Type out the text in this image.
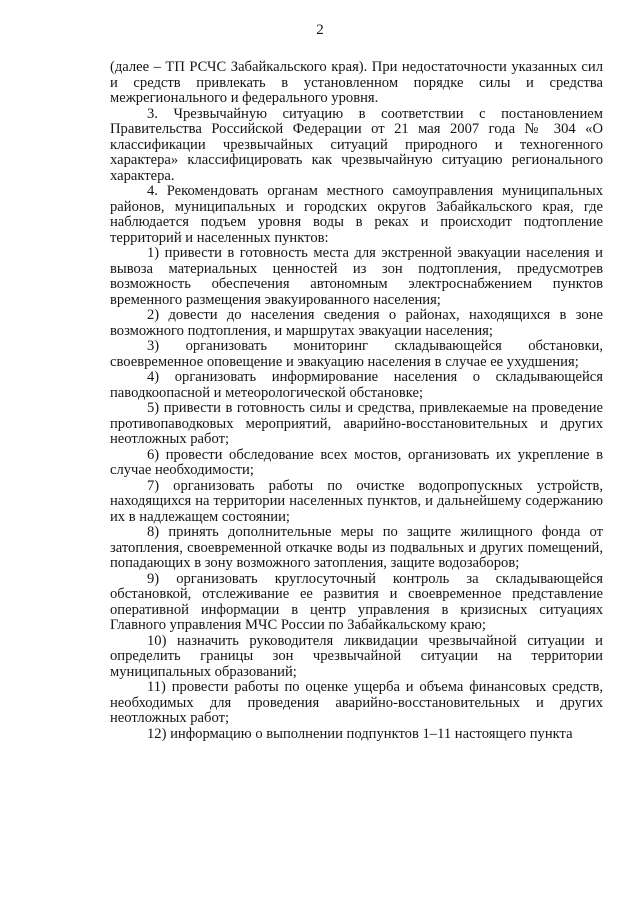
2

(далее – ТП РСЧС Забайкальского края). При недостаточности указанных сил и средств привлекать в установленном порядке силы и средства межрегионального и федерального уровня.

3. Чрезвычайную ситуацию в соответствии с постановлением Правительства Российской Федерации от 21 мая 2007 года № 304 «О классификации чрезвычайных ситуаций природного и техногенного характера» классифицировать как чрезвычайную ситуацию регионального характера.

4. Рекомендовать органам местного самоуправления муниципальных районов, муниципальных и городских округов Забайкальского края, где наблюдается подъем уровня воды в реках и происходит подтопление территорий и населенных пунктов:

1) привести в готовность места для экстренной эвакуации населения и вывоза материальных ценностей из зон подтопления, предусмотрев возможность обеспечения автономным электроснабжением пунктов временного размещения эвакуированного населения;

2) довести до населения сведения о районах, находящихся в зоне возможного подтопления, и маршрутах эвакуации населения;

3) организовать мониторинг складывающейся обстановки, своевременное оповещение и эвакуацию населения в случае ее ухудшения;

4) организовать информирование населения о складывающейся паводкоопасной и метеорологической обстановке;

5) привести в готовность силы и средства, привлекаемые на проведение противопаводковых мероприятий, аварийно-восстановительных и других неотложных работ;

6) провести обследование всех мостов, организовать их укрепление в случае необходимости;

7) организовать работы по очистке водопропускных устройств, находящихся на территории населенных пунктов, и дальнейшему содержанию их в надлежащем состоянии;

8) принять дополнительные меры по защите жилищного фонда от затопления, своевременной откачке воды из подвальных и других помещений, попадающих в зону возможного затопления, защите водозаборов;

9) организовать круглосуточный контроль за складывающейся обстановкой, отслеживание ее развития и своевременное представление оперативной информации в центр управления в кризисных ситуациях Главного управления МЧС России по Забайкальскому краю;

10) назначить руководителя ликвидации чрезвычайной ситуации и определить границы зон чрезвычайной ситуации на территории муниципальных образований;

11) провести работы по оценке ущерба и объема финансовых средств, необходимых для проведения аварийно-восстановительных и других неотложных работ;

12) информацию о выполнении подпунктов 1–11 настоящего пункта
